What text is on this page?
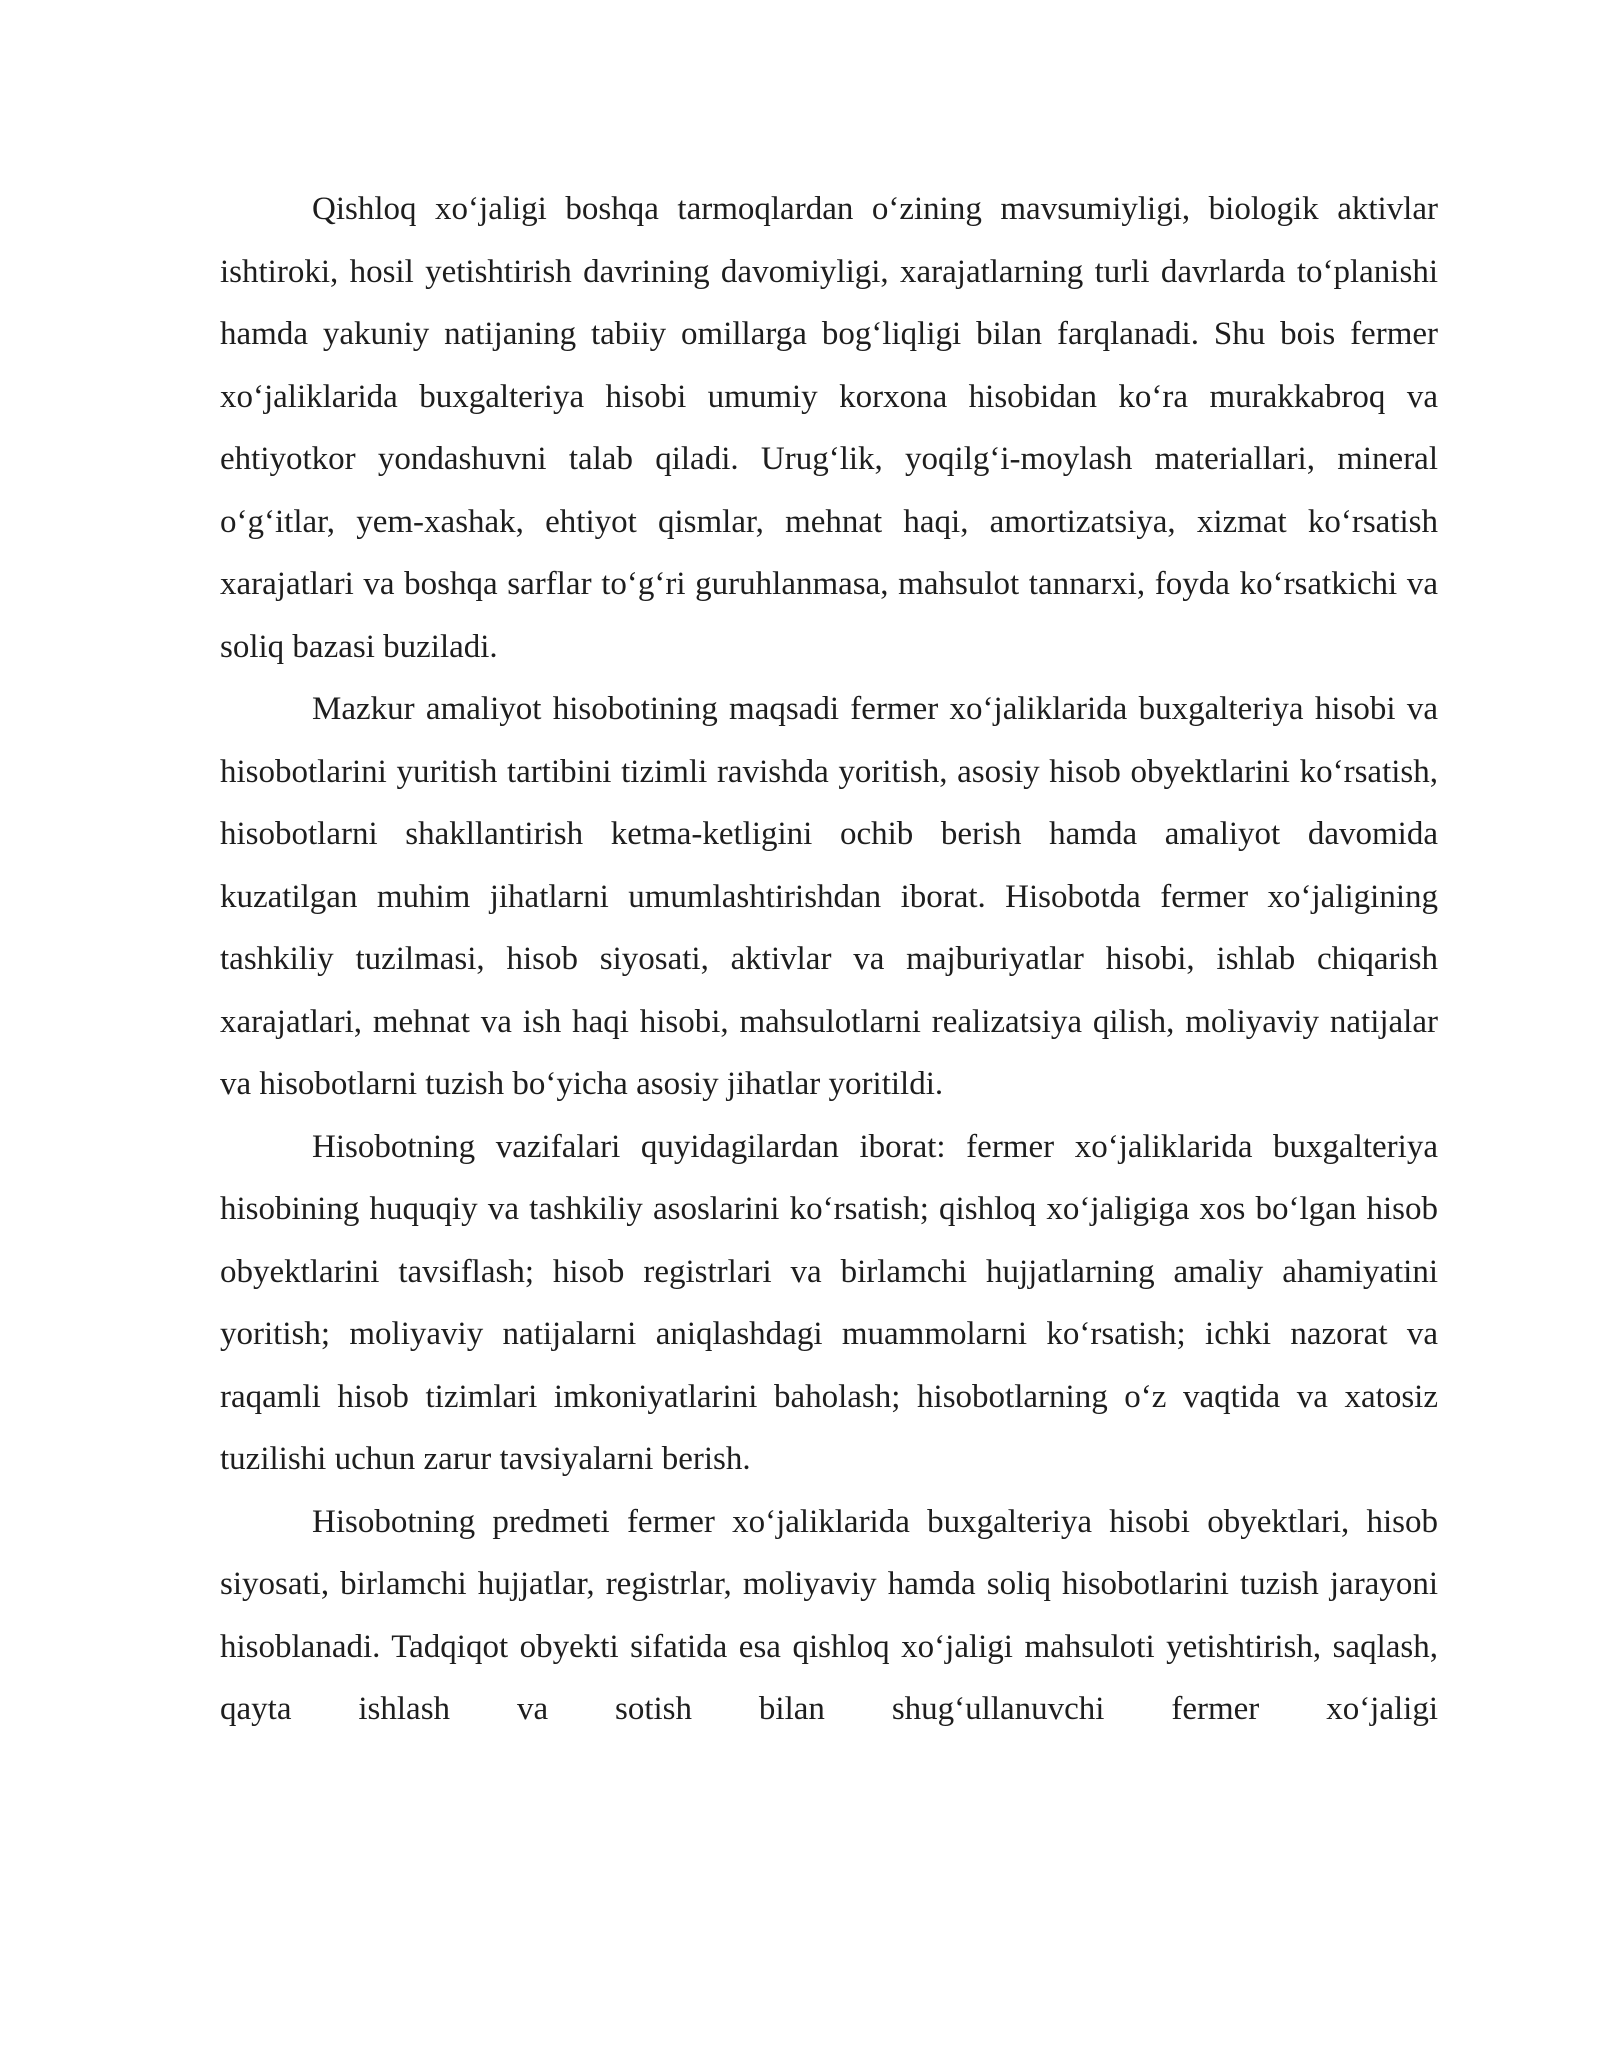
Qishloq xo‘jaligi boshqa tarmoqlardan o‘zining mavsumiyligi, biologik aktivlar ishtiroki, hosil yetishtirish davrining davomiyligi, xarajatlarning turli davrlarda to‘planishi hamda yakuniy natijaning tabiiy omillarga bog‘liqligi bilan farqlanadi. Shu bois fermer xo‘jaliklarida buxgalteriya hisobi umumiy korxona hisobidan ko‘ra murakkabroq va ehtiyotkor yondashuvni talab qiladi. Urug‘lik, yoqilg‘i-moylash materiallari, mineral o‘g‘itlar, yem-xashak, ehtiyot qismlar, mehnat haqi, amortizatsiya, xizmat ko‘rsatish xarajatlari va boshqa sarflar to‘g‘ri guruhlanmasa, mahsulot tannarxi, foyda ko‘rsatkichi va soliq bazasi buziladi.

Mazkur amaliyot hisobotining maqsadi fermer xo‘jaliklarida buxgalteriya hisobi va hisobotlarini yuritish tartibini tizimli ravishda yoritish, asosiy hisob obyektlarini ko‘rsatish, hisobotlarni shakllantirish ketma-ketligini ochib berish hamda amaliyot davomida kuzatilgan muhim jihatlarni umumlashtirishdan iborat. Hisobotda fermer xo‘jaligining tashkiliy tuzilmasi, hisob siyosati, aktivlar va majburiyatlar hisobi, ishlab chiqarish xarajatlari, mehnat va ish haqi hisobi, mahsulotlarni realizatsiya qilish, moliyaviy natijalar va hisobotlarni tuzish bo‘yicha asosiy jihatlar yoritildi.

Hisobotning vazifalari quyidagilardan iborat: fermer xo‘jaliklarida buxgalteriya hisobining huquqiy va tashkiliy asoslarini ko‘rsatish; qishloq xo‘jaligiga xos bo‘lgan hisob obyektlarini tavsiflash; hisob registrlari va birlamchi hujjatlarning amaliy ahamiyatini yoritish; moliyaviy natijalarni aniqlashdagi muammolarni ko‘rsatish; ichki nazorat va raqamli hisob tizimlari imkoniyatlarini baholash; hisobotlarning o‘z vaqtida va xatosiz tuzilishi uchun zarur tavsiyalarni berish.

Hisobotning predmeti fermer xo‘jaliklarida buxgalteriya hisobi obyektlari, hisob siyosati, birlamchi hujjatlar, registrlar, moliyaviy hamda soliq hisobotlarini tuzish jarayoni hisoblanadi. Tadqiqot obyekti sifatida esa qishloq xo‘jaligi mahsuloti yetishtirish, saqlash, qayta ishlash va sotish bilan shug‘ullanuvchi fermer xo‘jaligi
